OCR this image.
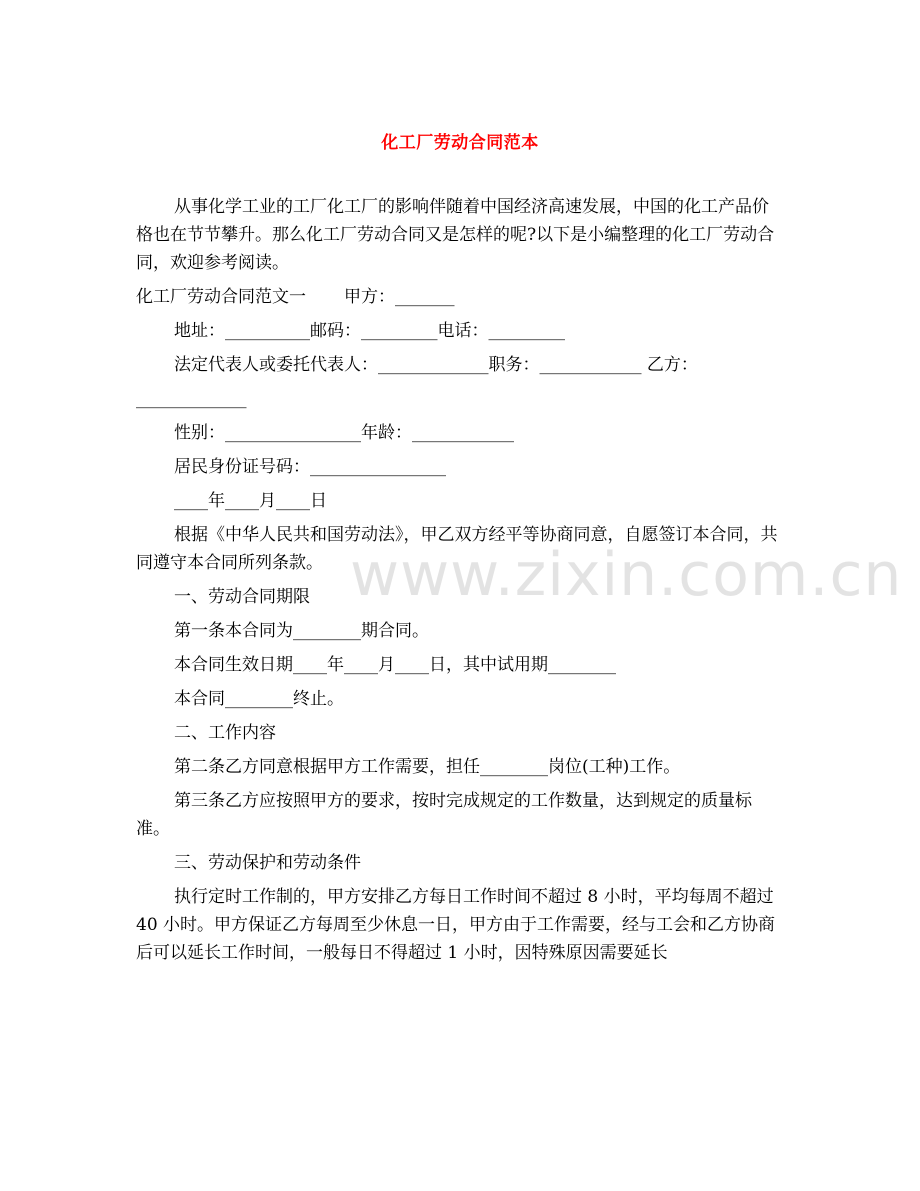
www.zixin.com.cn
化工厂劳动合同范本

从事化学工业的工厂化工厂的影响伴随着中国经济高速发展，中国的化工产品价格也在节节攀升。那么化工厂劳动合同又是怎样的呢?以下是小编整理的化工厂劳动合同，欢迎参考阅读。

化工厂劳动合同范文一 甲方：_______
地址：__________邮码：_________电话：_________
法定代表人或委托代表人：_____________职务：____________ 乙方：
_____________
性别：________________年龄：____________
居民身份证号码：________________
____年____月____日

根据《中华人民共和国劳动法》，甲乙双方经平等协商同意，自愿签订本合同，共同遵守本合同所列条款。

一、劳动合同期限
第一条本合同为________期合同。
本合同生效日期____年____月____日，其中试用期________
本合同________终止。
二、工作内容
第二条乙方同意根据甲方工作需要，担任________岗位(工种)工作。

第三条乙方应按照甲方的要求，按时完成规定的工作数量，达到规定的质量标准。

三、劳动保护和劳动条件

执行定时工作制的，甲方安排乙方每日工作时间不超过 8 小时，平均每周不超过 40 小时。甲方保证乙方每周至少休息一日，甲方由于工作需要，经与工会和乙方协商后可以延长工作时间，一般每日不得超过 1 小时，因特殊原因需要延长
